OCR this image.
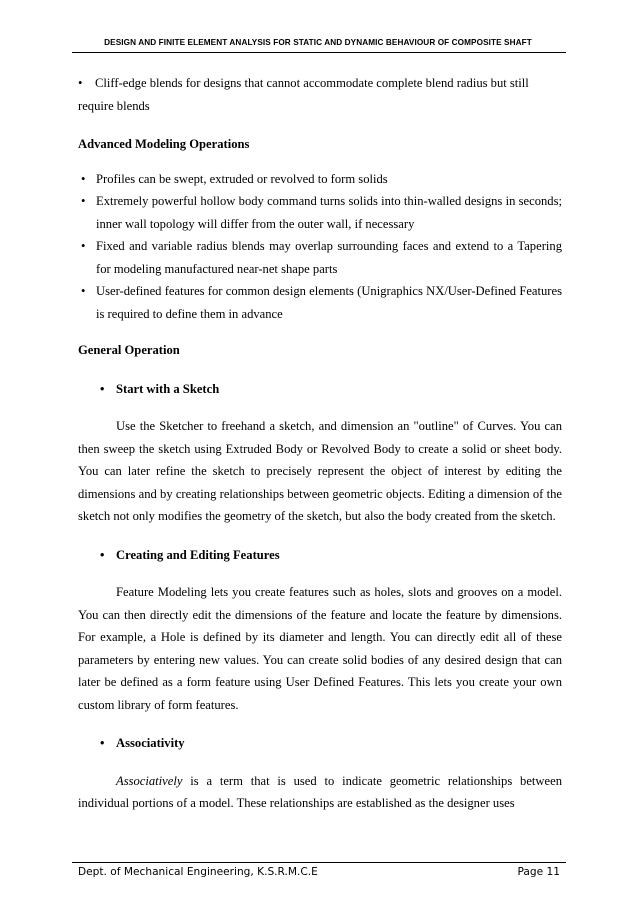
DESIGN AND FINITE ELEMENT ANALYSIS FOR STATIC AND DYNAMIC BEHAVIOUR OF COMPOSITE SHAFT
• Cliff-edge blends for designs that cannot accommodate complete blend radius but still
require blends

Advanced Modeling Operations

• Profiles can be swept, extruded or revolved to form solids
• Extremely powerful hollow body command turns solids into thin-walled designs in seconds; inner wall topology will differ from the outer wall, if necessary
• Fixed and variable radius blends may overlap surrounding faces and extend to a Tapering for modeling manufactured near-net shape parts
• User-defined features for common design elements (Unigraphics NX/User-Defined Features is required to define them in advance

General Operation

• Start with a Sketch

Use the Sketcher to freehand a sketch, and dimension an "outline" of Curves. You can then sweep the sketch using Extruded Body or Revolved Body to create a solid or sheet body. You can later refine the sketch to precisely represent the object of interest by editing the dimensions and by creating relationships between geometric objects. Editing a dimension of the sketch not only modifies the geometry of the sketch, but also the body created from the sketch.

• Creating and Editing Features

Feature Modeling lets you create features such as holes, slots and grooves on a model. You can then directly edit the dimensions of the feature and locate the feature by dimensions. For example, a Hole is defined by its diameter and length. You can directly edit all of these parameters by entering new values. You can create solid bodies of any desired design that can later be defined as a form feature using User Defined Features. This lets you create your own custom library of form features.

• Associativity

Associatively is a term that is used to indicate geometric relationships between individual portions of a model. These relationships are established as the designer uses

Dept. of Mechanical Engineering, K.S.R.M.C.E	Page 11
